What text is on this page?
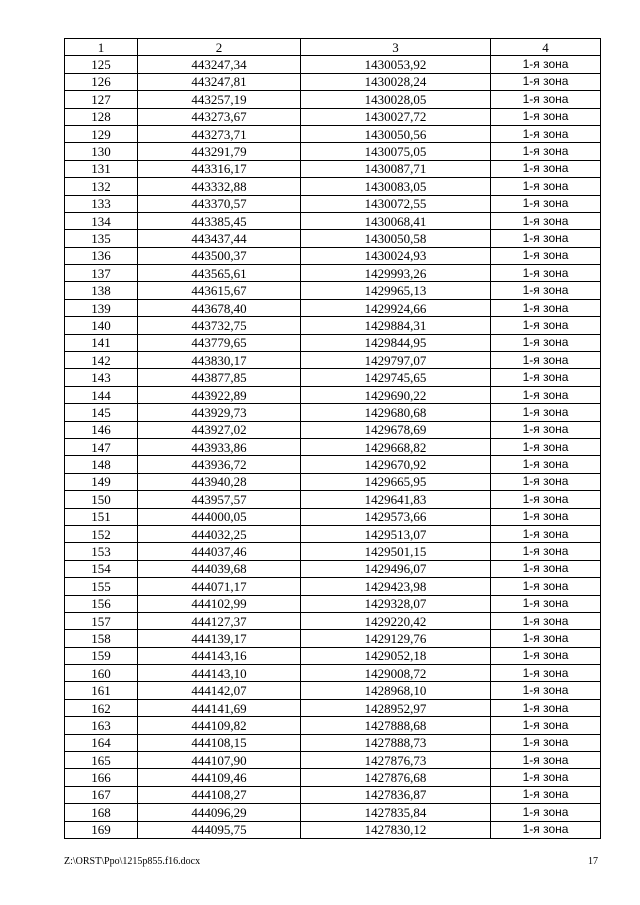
1	2	3	4
125	443247,34	1430053,92	1-я зона
126	443247,81	1430028,24	1-я зона
127	443257,19	1430028,05	1-я зона
128	443273,67	1430027,72	1-я зона
129	443273,71	1430050,56	1-я зона
130	443291,79	1430075,05	1-я зона
131	443316,17	1430087,71	1-я зона
132	443332,88	1430083,05	1-я зона
133	443370,57	1430072,55	1-я зона
134	443385,45	1430068,41	1-я зона
135	443437,44	1430050,58	1-я зона
136	443500,37	1430024,93	1-я зона
137	443565,61	1429993,26	1-я зона
138	443615,67	1429965,13	1-я зона
139	443678,40	1429924,66	1-я зона
140	443732,75	1429884,31	1-я зона
141	443779,65	1429844,95	1-я зона
142	443830,17	1429797,07	1-я зона
143	443877,85	1429745,65	1-я зона
144	443922,89	1429690,22	1-я зона
145	443929,73	1429680,68	1-я зона
146	443927,02	1429678,69	1-я зона
147	443933,86	1429668,82	1-я зона
148	443936,72	1429670,92	1-я зона
149	443940,28	1429665,95	1-я зона
150	443957,57	1429641,83	1-я зона
151	444000,05	1429573,66	1-я зона
152	444032,25	1429513,07	1-я зона
153	444037,46	1429501,15	1-я зона
154	444039,68	1429496,07	1-я зона
155	444071,17	1429423,98	1-я зона
156	444102,99	1429328,07	1-я зона
157	444127,37	1429220,42	1-я зона
158	444139,17	1429129,76	1-я зона
159	444143,16	1429052,18	1-я зона
160	444143,10	1429008,72	1-я зона
161	444142,07	1428968,10	1-я зона
162	444141,69	1428952,97	1-я зона
163	444109,82	1427888,68	1-я зона
164	444108,15	1427888,73	1-я зона
165	444107,90	1427876,73	1-я зона
166	444109,46	1427876,68	1-я зона
167	444108,27	1427836,87	1-я зона
168	444096,29	1427835,84	1-я зона
169	444095,75	1427830,12	1-я зона
Z:\ORST\Ppo\1215p855.f16.docx	17
